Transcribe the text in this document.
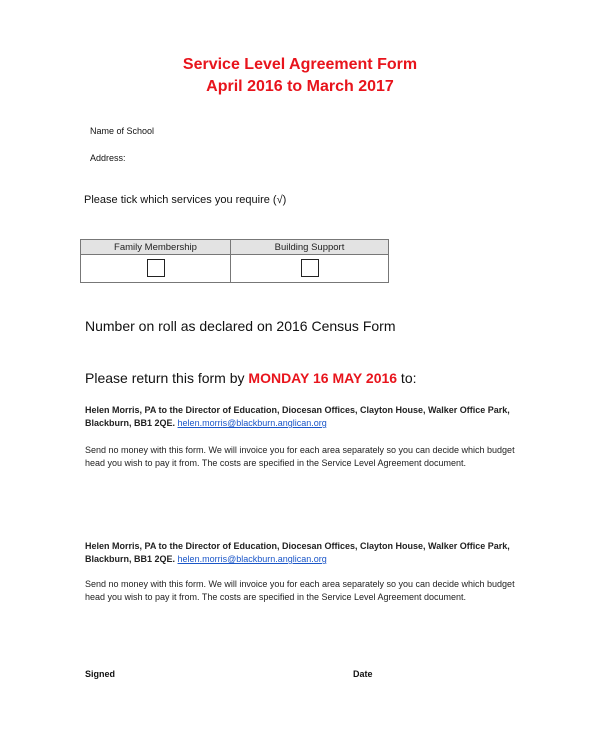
Service Level Agreement Form
April 2016 to March 2017
Name of School
Address:
Please tick which services you require (√)
Family Membership	Building Support

Number on roll as declared on 2016 Census Form
Please return this form by MONDAY 16 MAY 2016 to:
Helen Morris, PA to the Director of Education, Diocesan Offices, Clayton House, Walker Office Park,
Blackburn, BB1 2QE. helen.morris@blackburn.anglican.org
Send no money with this form. We will invoice you for each area separately so you can decide which budget head you wish to pay it from. The costs are specified in the Service Level Agreement document.
Helen Morris, PA to the Director of Education, Diocesan Offices, Clayton House, Walker Office Park,
Blackburn, BB1 2QE. helen.morris@blackburn.anglican.org
Send no money with this form. We will invoice you for each area separately so you can decide which budget head you wish to pay it from. The costs are specified in the Service Level Agreement document.
Signed	Date
